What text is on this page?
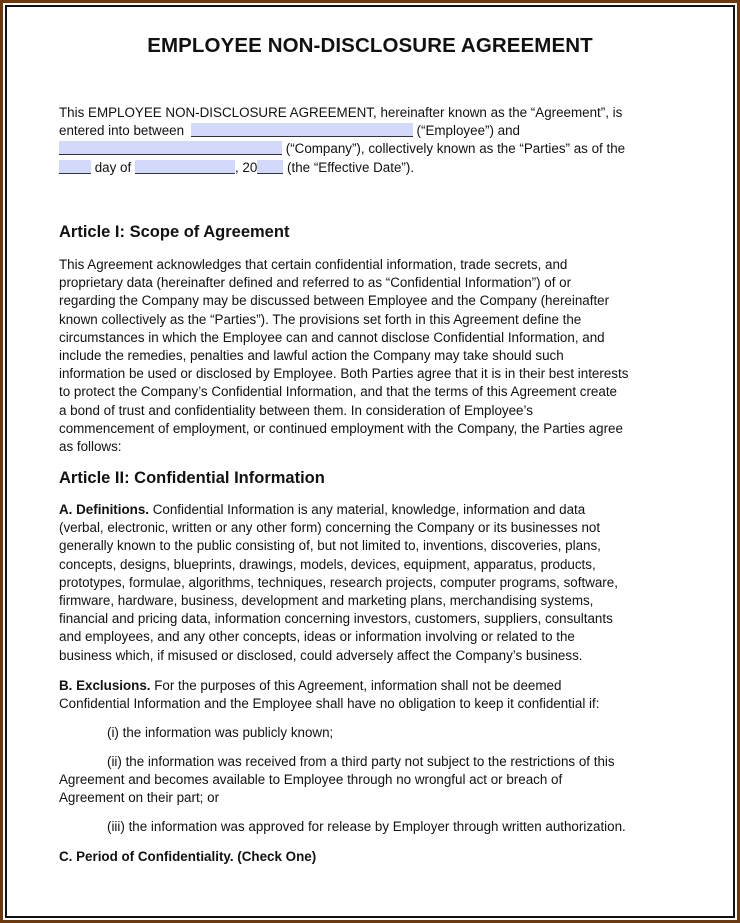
EMPLOYEE NON-DISCLOSURE AGREEMENT
This EMPLOYEE NON-DISCLOSURE AGREEMENT, hereinafter known as the “Agreement”, is
entered into between	(“Employee”) and
(“Company”), collectively known as the “Parties” as of the
day of	, 20 (the “Effective Date”).
Article I: Scope of Agreement
This Agreement acknowledges that certain confidential information, trade secrets, and
proprietary data (hereinafter defined and referred to as “Confidential Information”) of or
regarding the Company may be discussed between Employee and the Company (hereinafter
known collectively as the “Parties”). The provisions set forth in this Agreement define the
circumstances in which the Employee can and cannot disclose Confidential Information, and
include the remedies, penalties and lawful action the Company may take should such
information be used or disclosed by Employee. Both Parties agree that it is in their best interests
to protect the Company’s Confidential Information, and that the terms of this Agreement create
a bond of trust and confidentiality between them. In consideration of Employee’s
commencement of employment, or continued employment with the Company, the Parties agree
as follows:
Article II: Confidential Information
A. Definitions. Confidential Information is any material, knowledge, information and data
(verbal, electronic, written or any other form) concerning the Company or its businesses not
generally known to the public consisting of, but not limited to, inventions, discoveries, plans,
concepts, designs, blueprints, drawings, models, devices, equipment, apparatus, products,
prototypes, formulae, algorithms, techniques, research projects, computer programs, software,
firmware, hardware, business, development and marketing plans, merchandising systems,
financial and pricing data, information concerning investors, customers, suppliers, consultants
and employees, and any other concepts, ideas or information involving or related to the
business which, if misused or disclosed, could adversely affect the Company’s business.
B. Exclusions. For the purposes of this Agreement, information shall not be deemed
Confidential Information and the Employee shall have no obligation to keep it confidential if:
(i) the information was publicly known;
(ii) the information was received from a third party not subject to the restrictions of this
Agreement and becomes available to Employee through no wrongful act or breach of
Agreement on their part; or
(iii) the information was approved for release by Employer through written authorization.
C. Period of Confidentiality. (Check One)
